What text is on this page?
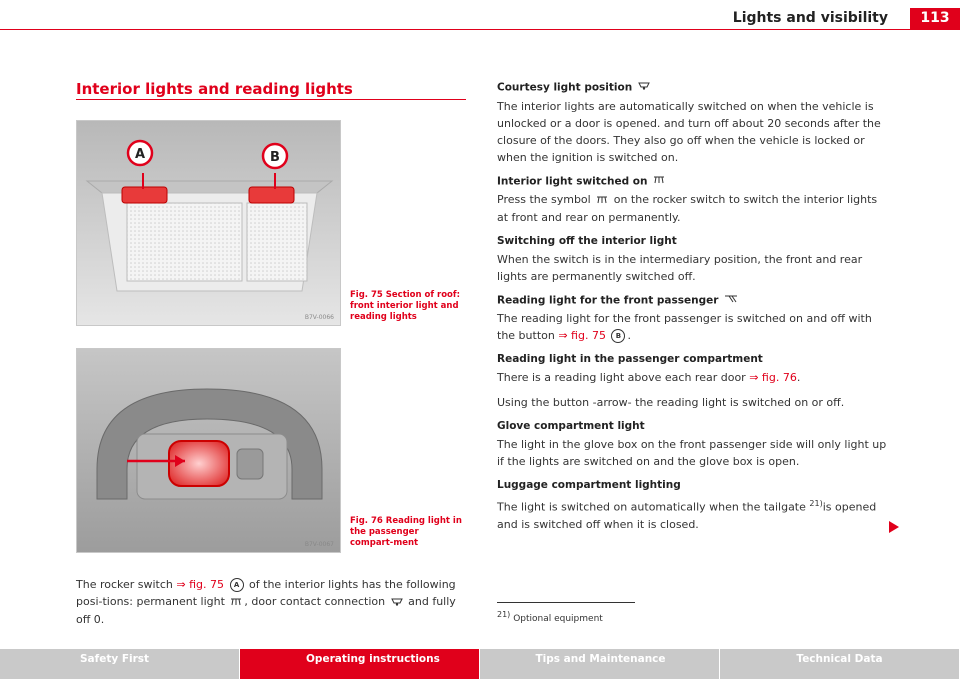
Lights and visibility	113
Interior lights and reading lights
A	B
B7V-0066
Fig. 75 Section of roof: front interior light and reading lights
B7V-0067
Fig. 76 Reading light in the passenger compart-ment
The rocker switch ⇒ fig. 75 A of the interior lights has the following posi-tions: permanent light , door contact connection  and fully off 0.
Courtesy light position

The interior lights are automatically switched on when the vehicle is unlocked or a door is opened. and turn off about 20 seconds after the closure of the doors. They also go off when the vehicle is locked or when the ignition is switched on.

Interior light switched on

Press the symbol  on the rocker switch to switch the interior lights at front and rear on permanently.

Switching off the interior light

When the switch is in the intermediary position, the front and rear lights are permanently switched off.

Reading light for the front passenger

The reading light for the front passenger is switched on and off with the button ⇒ fig. 75 B .

Reading light in the passenger compartment

There is a reading light above each rear door ⇒ fig. 76.

Using the button -arrow- the reading light is switched on or off.

Glove compartment light

The light in the glove box on the front passenger side will only light up if the lights are switched on and the glove box is open.

Luggage compartment lighting

The light is switched on automatically when the tailgate $^{21)}$is opened and is switched off when it is closed.

$^{21)}$ Optional equipment
Safety First	Operating instructions	Tips and Maintenance	Technical Data
